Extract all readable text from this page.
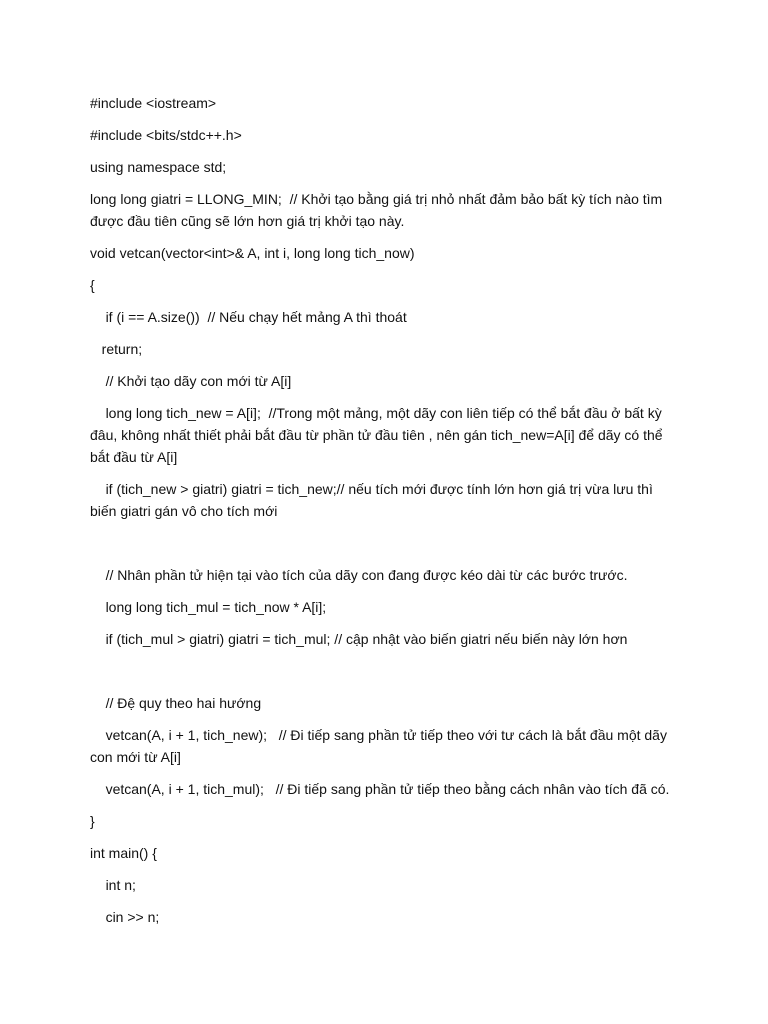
#include <iostream>

#include <bits/stdc++.h>

using namespace std;

long long giatri = LLONG_MIN;  // Khởi tạo bằng giá trị nhỏ nhất đảm bảo bất kỳ tích nào tìm được đầu tiên cũng sẽ lớn hơn giá trị khởi tạo này.

void vetcan(vector<int>& A, int i, long long tich_now)

{

if (i == A.size())  // Nếu chạy hết mảng A thì thoát

return;

// Khởi tạo dãy con mới từ A[i]

long long tich_new = A[i];  //Trong một mảng, một dãy con liên tiếp có thể bắt đầu ở bất kỳ đâu, không nhất thiết phải bắt đầu từ phần tử đầu tiên , nên gán tich_new=A[i] để dãy có thể bắt đầu từ A[i]

if (tich_new > giatri) giatri = tich_new;// nếu tích mới được tính lớn hơn giá trị vừa lưu thì biến giatri gán vô cho tích mới

// Nhân phần tử hiện tại vào tích của dãy con đang được kéo dài từ các bước trước.

long long tich_mul = tich_now * A[i];

if (tich_mul > giatri) giatri = tich_mul; // cập nhật vào biến giatri nếu biến này lớn hơn

// Đệ quy theo hai hướng

vetcan(A, i + 1, tich_new);   // Đi tiếp sang phần tử tiếp theo với tư cách là bắt đầu một dãy con mới từ A[i]

vetcan(A, i + 1, tich_mul);   // Đi tiếp sang phần tử tiếp theo bằng cách nhân vào tích đã có.

}

int main() {

int n;

cin >> n;
